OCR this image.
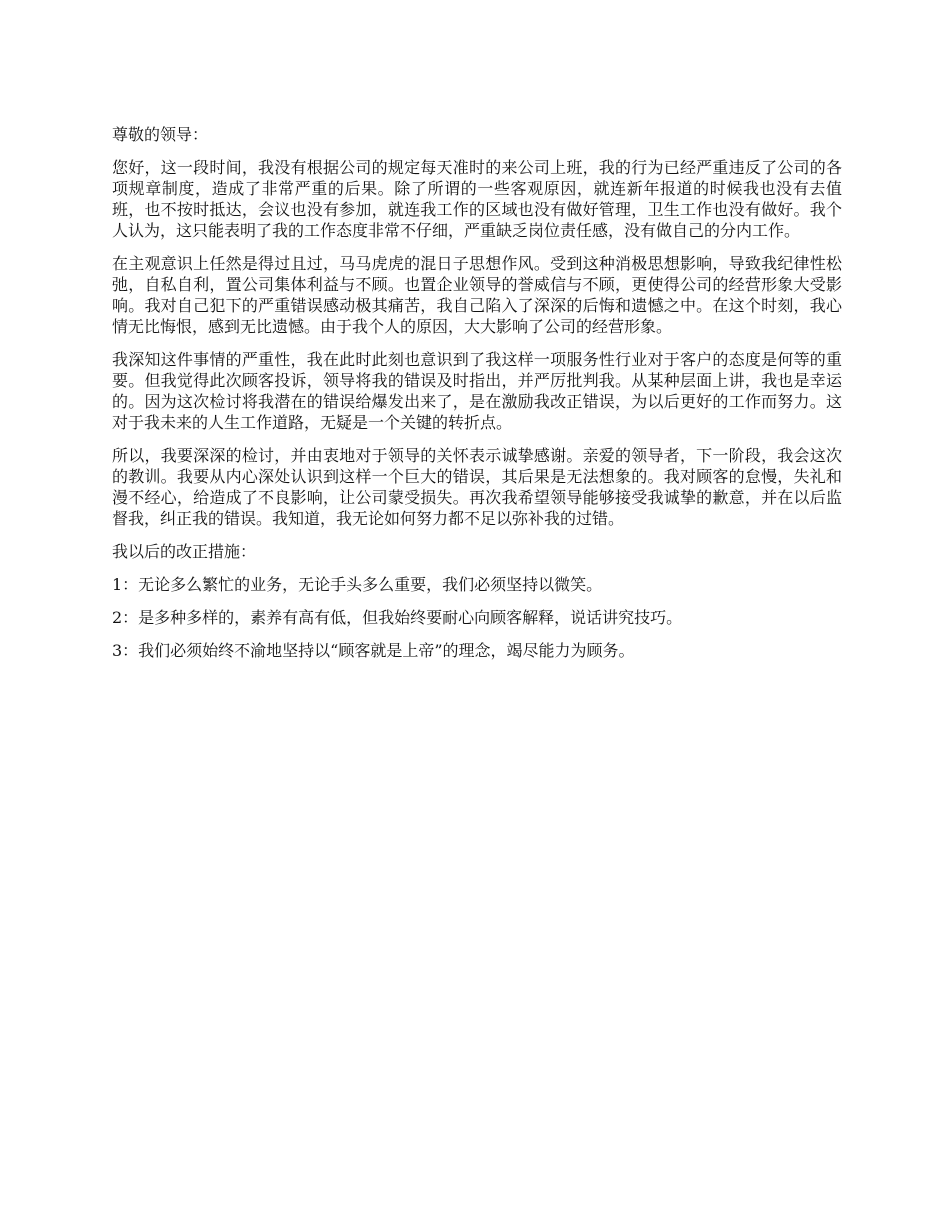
尊敬的领导：

您好，这一段时间，我没有根据公司的规定每天准时的来公司上班，我的行为已经严重违反了公司的各项规章制度，造成了非常严重的后果。除了所谓的一些客观原因，就连新年报道的时候我也没有去值班，也不按时抵达，会议也没有参加，就连我工作的区域也没有做好管理，卫生工作也没有做好。我个人认为，这只能表明了我的工作态度非常不仔细，严重缺乏岗位责任感，没有做自己的分内工作。

在主观意识上任然是得过且过，马马虎虎的混日子思想作风。受到这种消极思想影响，导致我纪律性松弛，自私自利，置公司集体利益与不顾。也置企业领导的誉威信与不顾，更使得公司的经营形象大受影响。我对自己犯下的严重错误感动极其痛苦，我自己陷入了深深的后悔和遗憾之中。在这个时刻，我心情无比悔恨，感到无比遗憾。由于我个人的原因，大大影响了公司的经营形象。

我深知这件事情的严重性，我在此时此刻也意识到了我这样一项服务性行业对于客户的态度是何等的重要。但我觉得此次顾客投诉，领导将我的错误及时指出，并严厉批判我。从某种层面上讲，我也是幸运的。因为这次检讨将我潜在的错误给爆发出来了，是在激励我改正错误，为以后更好的工作而努力。这对于我未来的人生工作道路，无疑是一个关键的转折点。

所以，我要深深的检讨，并由衷地对于领导的关怀表示诚挚感谢。亲爱的领导者，下一阶段，我会这次的教训。我要从内心深处认识到这样一个巨大的错误，其后果是无法想象的。我对顾客的怠慢，失礼和漫不经心，给造成了不良影响，让公司蒙受损失。再次我希望领导能够接受我诚挚的歉意，并在以后监督我，纠正我的错误。我知道，我无论如何努力都不足以弥补我的过错。

我以后的改正措施：

1：无论多么繁忙的业务，无论手头多么重要，我们必须坚持以微笑。

2：是多种多样的，素养有高有低，但我始终要耐心向顾客解释，说话讲究技巧。

3：我们必须始终不渝地坚持以“顾客就是上帝”的理念，竭尽能力为顾务。
